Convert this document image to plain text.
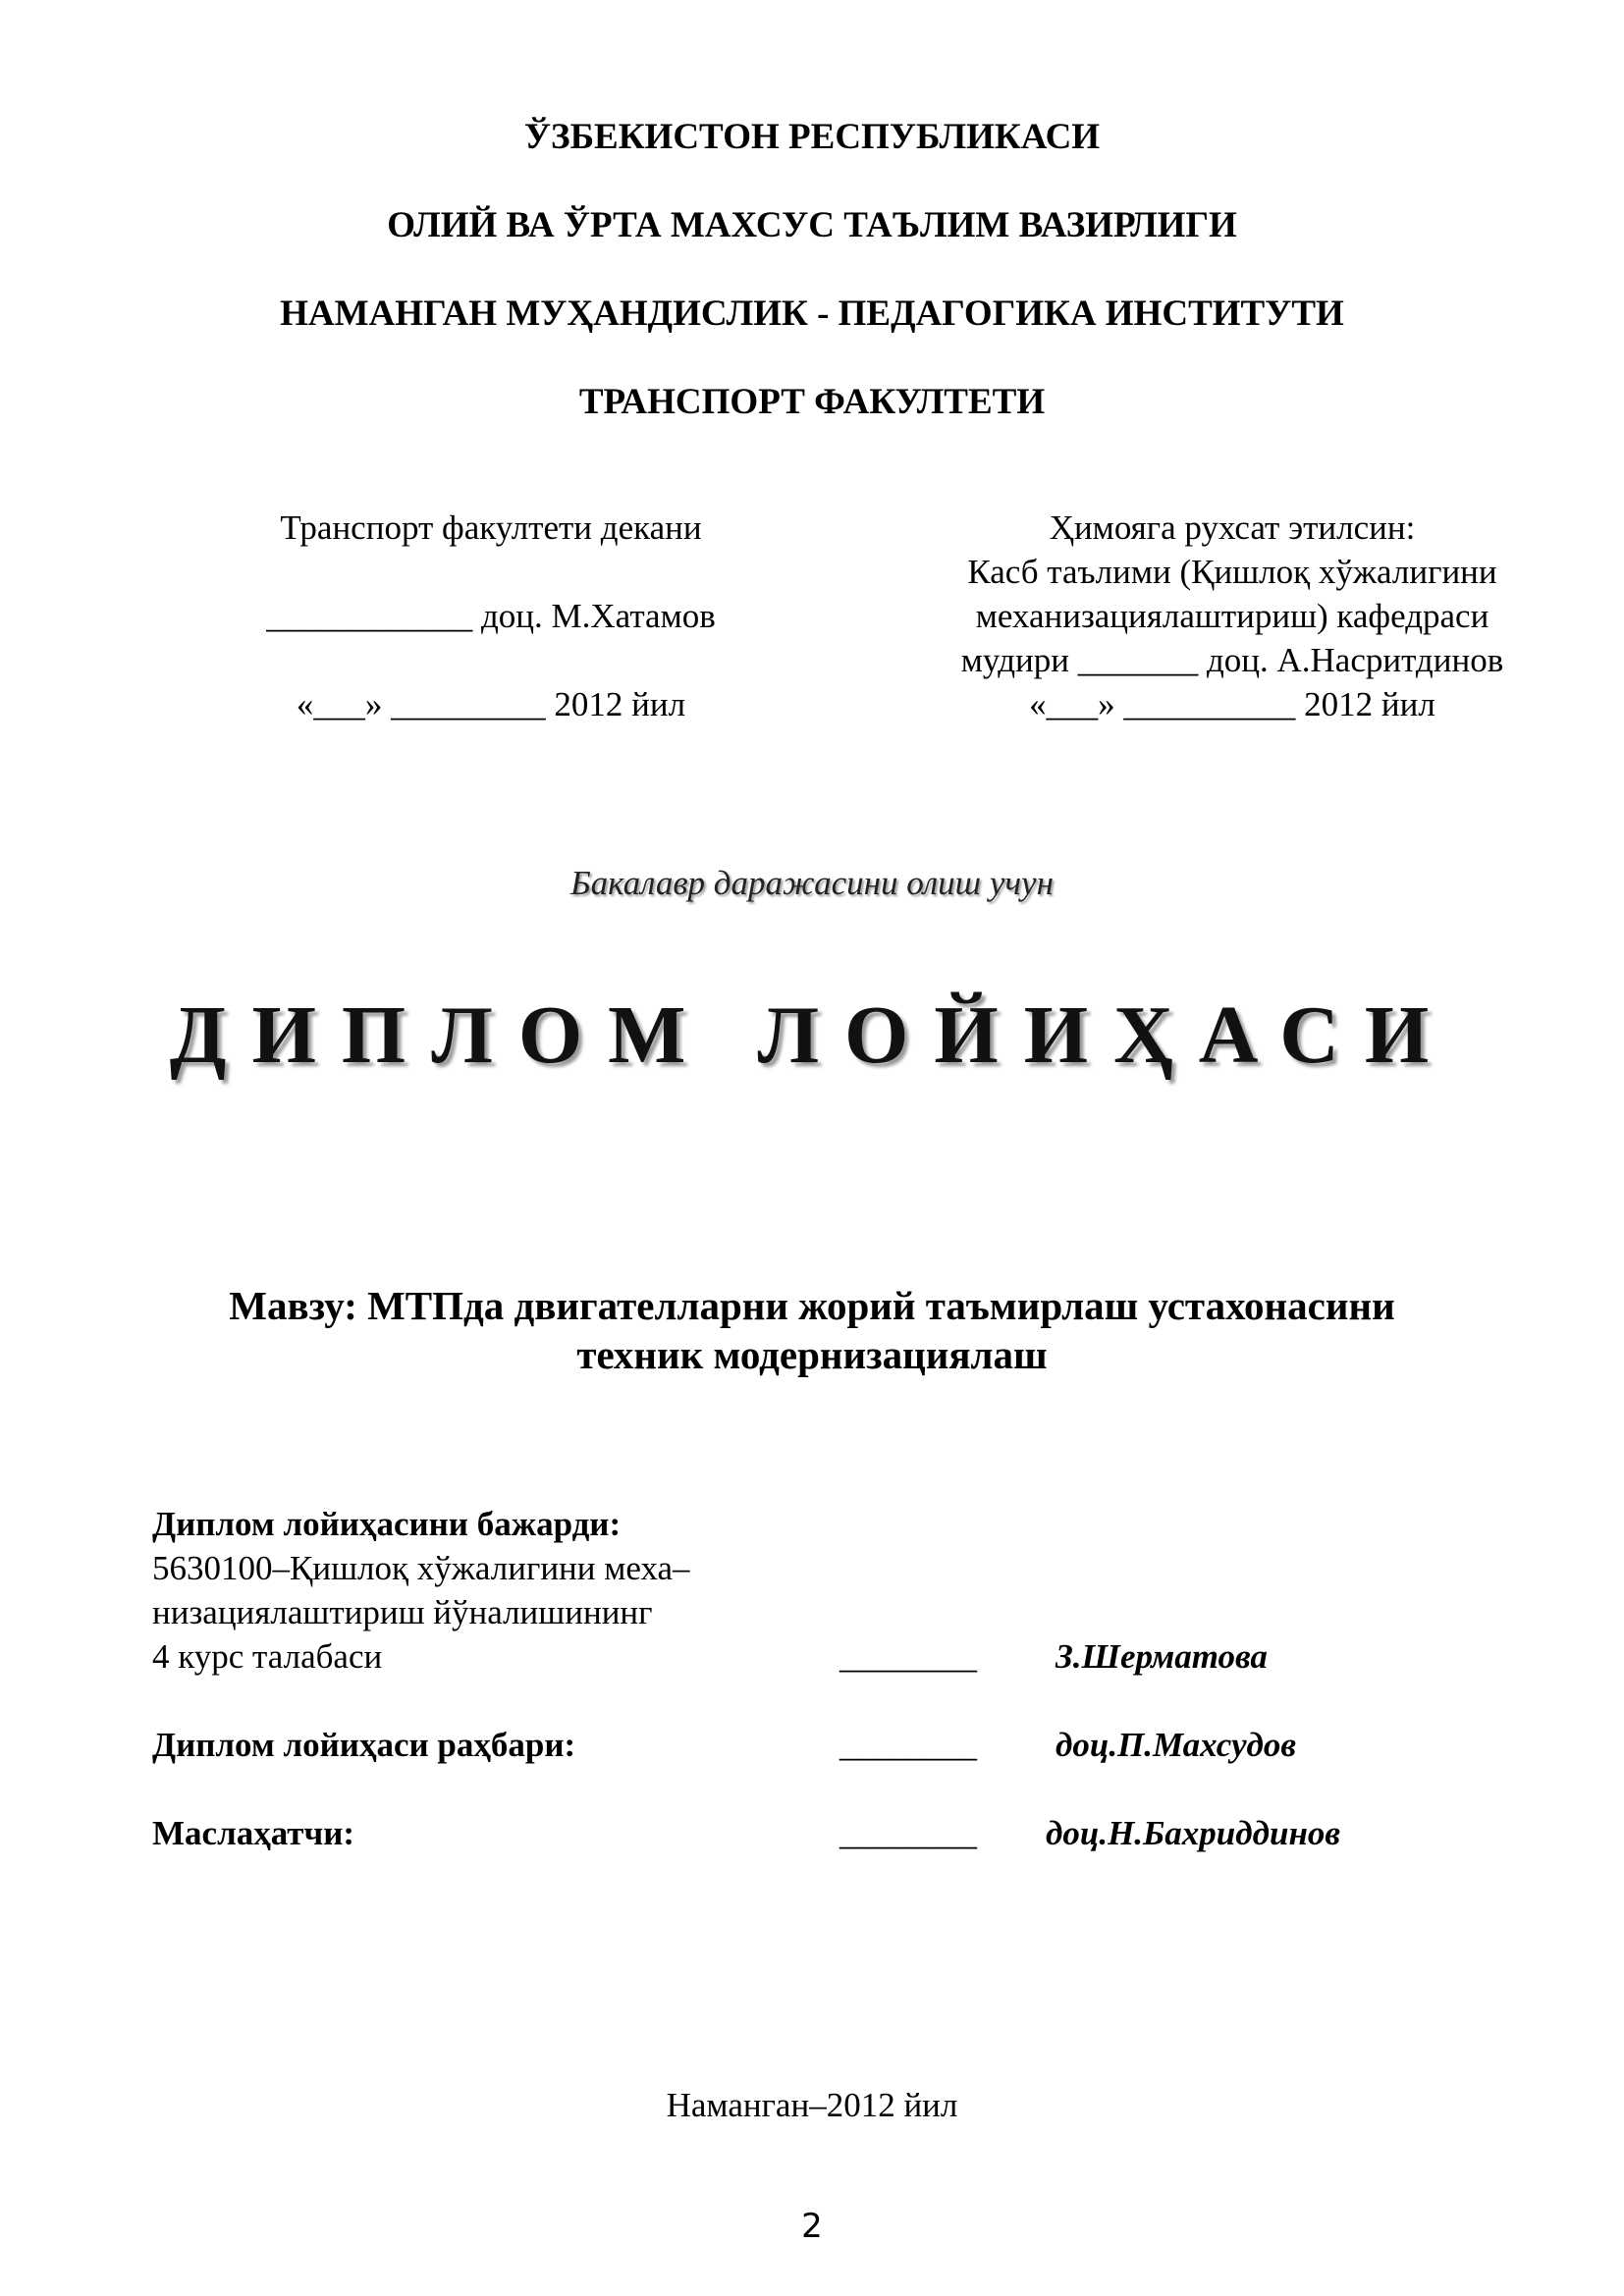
ЎЗБЕКИСТОН РЕСПУБЛИКАСИ
ОЛИЙ ВА ЎРТА МАХСУС ТАЪЛИМ ВАЗИРЛИГИ
НАМАНГАН МУҲАНДИСЛИК - ПЕДАГОГИКА ИНСТИТУТИ
ТРАНСПОРТ ФАКУЛТЕТИ
Транспорт факултети декани
____________ доц. М.Хатамов
«___» _________ 2012 йил
Ҳимояга рухсат этилсин:
Касб таълими (Қишлоқ хўжалигини
механизациялаштириш) кафедраси
мудири _______ доц. А.Насритдинов
«___» __________ 2012 йил
Бакалавр даражасини олиш учун
ДИПЛОМ ЛОЙИҲАСИ
Мавзу: МТПда двигателларни жорий таъмирлаш устахонасини
техник модернизациялаш
Диплом лойиҳасини бажарди:
5630100–Қишлоқ хўжалигини меха–
низациялаштириш йўналишининг
4 курс талабаси	________ З.Шерматова
Диплом лойиҳаси раҳбари:	________ доц.П.Махсудов
Маслаҳатчи:	________ доц.Н.Бахриддинов
Наманган–2012 йил
2
